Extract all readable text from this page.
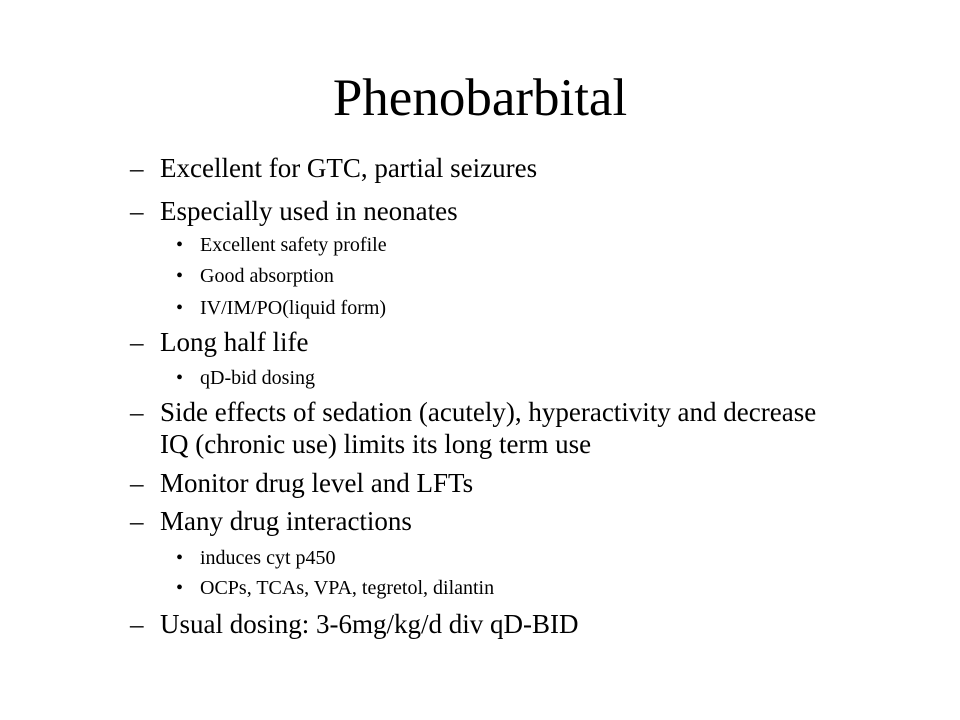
Phenobarbital
– Excellent for GTC, partial seizures
– Especially used in neonates
• Excellent safety profile
• Good absorption
• IV/IM/PO(liquid form)
– Long half life
• qD-bid dosing
– Side effects of sedation (acutely), hyperactivity and decrease IQ (chronic use) limits its long term use
– Monitor drug level and LFTs
– Many drug interactions
• induces cyt p450
• OCPs, TCAs, VPA, tegretol, dilantin
– Usual dosing: 3-6mg/kg/d div qD-BID
